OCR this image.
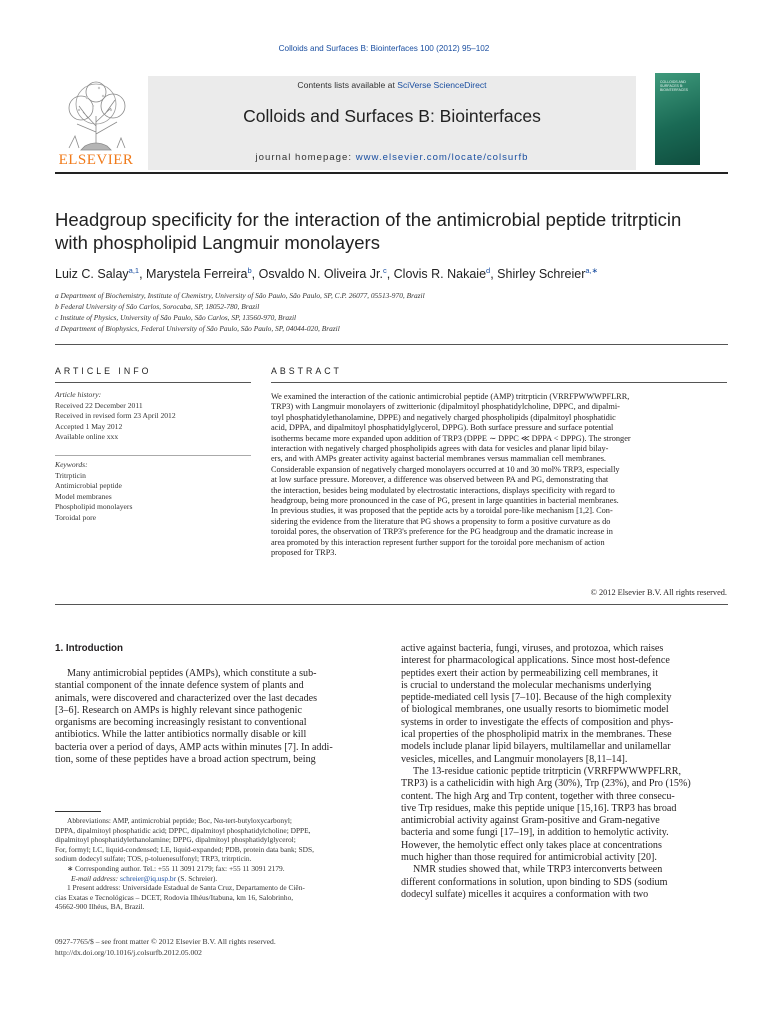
Colloids and Surfaces B: Biointerfaces 100 (2012) 95–102
ELSEVIER
Contents lists available at SciVerse ScienceDirect
Colloids and Surfaces B: Biointerfaces
journal homepage: www.elsevier.com/locate/colsurfb
COLLOIDS AND SURFACES B: BIOINTERFACES
Headgroup specificity for the interaction of the antimicrobial peptide tritrpticin
with phospholipid Langmuir monolayers
Luiz C. Salay$^{a,1}$, Marystela Ferreira$^b$, Osvaldo N. Oliveira Jr.$^c$, Clovis R. Nakaie$^d$, Shirley Schreier$^{a,∗}$
a Department of Biochemistry, Institute of Chemistry, University of São Paulo, São Paulo, SP, C.P. 26077, 05513-970, Brazil
b Federal University of São Carlos, Sorocaba, SP, 18052-780, Brazil
c Institute of Physics, University of São Paulo, São Carlos, SP, 13560-970, Brazil
d Department of Biophysics, Federal University of São Paulo, São Paulo, SP, 04044-020, Brazil
ARTICLE INFO
Article history:
Received 22 December 2011
Received in revised form 23 April 2012
Accepted 1 May 2012
Available online xxx
Keywords:
Tritrpticin
Antimicrobial peptide
Model membranes
Phospholipid monolayers
Toroidal pore
ABSTRACT
We examined the interaction of the cationic antimicrobial peptide (AMP) tritrpticin (VRRFPWWWPFLRR,
TRP3) with Langmuir monolayers of zwitterionic (dipalmitoyl phosphatidylcholine, DPPC, and dipalmi-
toyl phosphatidylethanolamine, DPPE) and negatively charged phospholipids (dipalmitoyl phosphatidic
acid, DPPA, and dipalmitoyl phosphatidylglycerol, DPPG). Both surface pressure and surface potential
isotherms became more expanded upon addition of TRP3 (DPPE ∼ DPPC ≪ DPPA < DPPG). The stronger
interaction with negatively charged phospholipids agrees with data for vesicles and planar lipid bilay-
ers, and with AMPs greater activity against bacterial membranes versus mammalian cell membranes.
Considerable expansion of negatively charged monolayers occurred at 10 and 30 mol% TRP3, especially
at low surface pressure. Moreover, a difference was observed between PA and PG, demonstrating that
the interaction, besides being modulated by electrostatic interactions, displays specificity with regard to
headgroup, being more pronounced in the case of PG, present in large quantities in bacterial membranes.
In previous studies, it was proposed that the peptide acts by a toroidal pore-like mechanism [1,2]. Con-
sidering the evidence from the literature that PG shows a propensity to form a positive curvature as do
toroidal pores, the observation of TRP3's preference for the PG headgroup and the dramatic increase in
area promoted by this interaction represent further support for the toroidal pore mechanism of action
proposed for TRP3.
© 2012 Elsevier B.V. All rights reserved.
1. Introduction
Many antimicrobial peptides (AMPs), which constitute a sub-
stantial component of the innate defence system of plants and
animals, were discovered and characterized over the last decades
[3–6]. Research on AMPs is highly relevant since pathogenic
organisms are becoming increasingly resistant to conventional
antibiotics. While the latter antibiotics normally disable or kill
bacteria over a period of days, AMP acts within minutes [7]. In addi-
tion, some of these peptides have a broad action spectrum, being
active against bacteria, fungi, viruses, and protozoa, which raises
interest for pharmacological applications. Since most host-defence
peptides exert their action by permeabilizing cell membranes, it
is crucial to understand the molecular mechanisms underlying
peptide-mediated cell lysis [7–10]. Because of the high complexity
of biological membranes, one usually resorts to biomimetic model
systems in order to investigate the effects of composition and phys-
ical properties of the phospholipid matrix in the membranes. These
models include planar lipid bilayers, multilamellar and unilamellar
vesicles, micelles, and Langmuir monolayers [8,11–14].
The 13-residue cationic peptide tritrpticin (VRRFPWWWPFLRR,
TRP3) is a cathelicidin with high Arg (30%), Trp (23%), and Pro (15%)
content. The high Arg and Trp content, together with three consecu-
tive Trp residues, make this peptide unique [15,16]. TRP3 has broad
antimicrobial activity against Gram-positive and Gram-negative
bacteria and some fungi [17–19], in addition to hemolytic activity.
However, the hemolytic effect only takes place at concentrations
much higher than those required for antimicrobial activity [20].
NMR studies showed that, while TRP3 interconverts between
different conformations in solution, upon binding to SDS (sodium
dodecyl sulfate) micelles it acquires a conformation with two
Abbreviations: AMP, antimicrobial peptide; Boc, Nα-tert-butyloxycarbonyl;
DPPA, dipalmitoyl phosphatidic acid; DPPC, dipalmitoyl phosphatidylcholine; DPPE,
dipalmitoyl phosphatidylethanolamine; DPPG, dipalmitoyl phosphatidylglycerol;
For, formyl; LC, liquid-condensed; LE, liquid-expanded; PDB, protein data bank; SDS,
sodium dodecyl sulfate; TOS, p-toluenesulfonyl; TRP3, tritrpticin.
∗ Corresponding author. Tel.: +55 11 3091 2179; fax: +55 11 3091 2179.
E-mail address: schreier@iq.usp.br (S. Schreier).
1 Present address: Universidade Estadual de Santa Cruz, Departamento de Ciên-
cias Exatas e Tecnológicas – DCET, Rodovia Ilhéus/Itabuna, km 16, Salobrinho,
45662-900 Ilhéus, BA, Brazil.
0927-7765/$ – see front matter © 2012 Elsevier B.V. All rights reserved.
http://dx.doi.org/10.1016/j.colsurfb.2012.05.002
